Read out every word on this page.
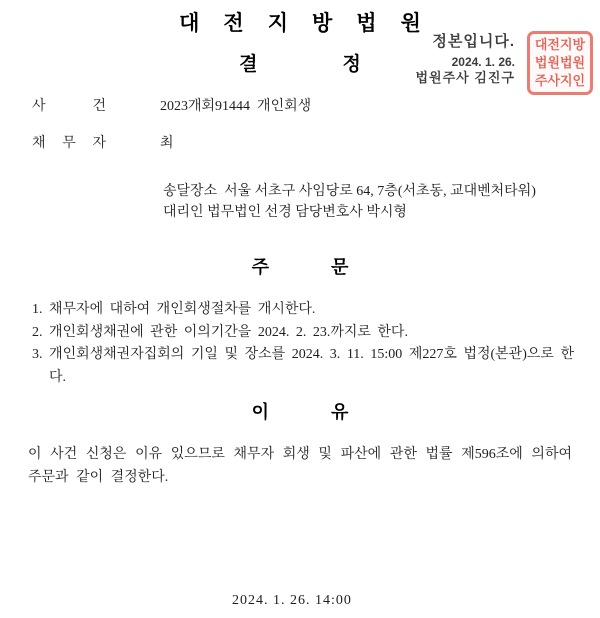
대전지방법원
결정
정본입니다.
2024. 1. 26.
법원주사 김진구
대전지방
법원법원
주사지인
사	건	2023개회91444  개인회생
채 무 자	최
송달장소  서울 서초구 사임당로 64, 7층(서초동, 교대벤처타워)
대리인 법무법인 선경 담당변호사 박시형
주문
1. 채무자에 대하여 개인회생절차를 개시한다.
2. 개인회생채권에 관한 이의기간을 2024. 2. 23.까지로 한다.
3. 개인회생채권자집회의 기일 및 장소를 2024. 3. 11. 15:00 제227호 법정(본관)으로 한다.
이유
이 사건 신청은 이유 있으므로 채무자 회생 및 파산에 관한 법률 제596조에 의하여 주문과 같이 결정한다.
2024. 1. 26. 14:00
